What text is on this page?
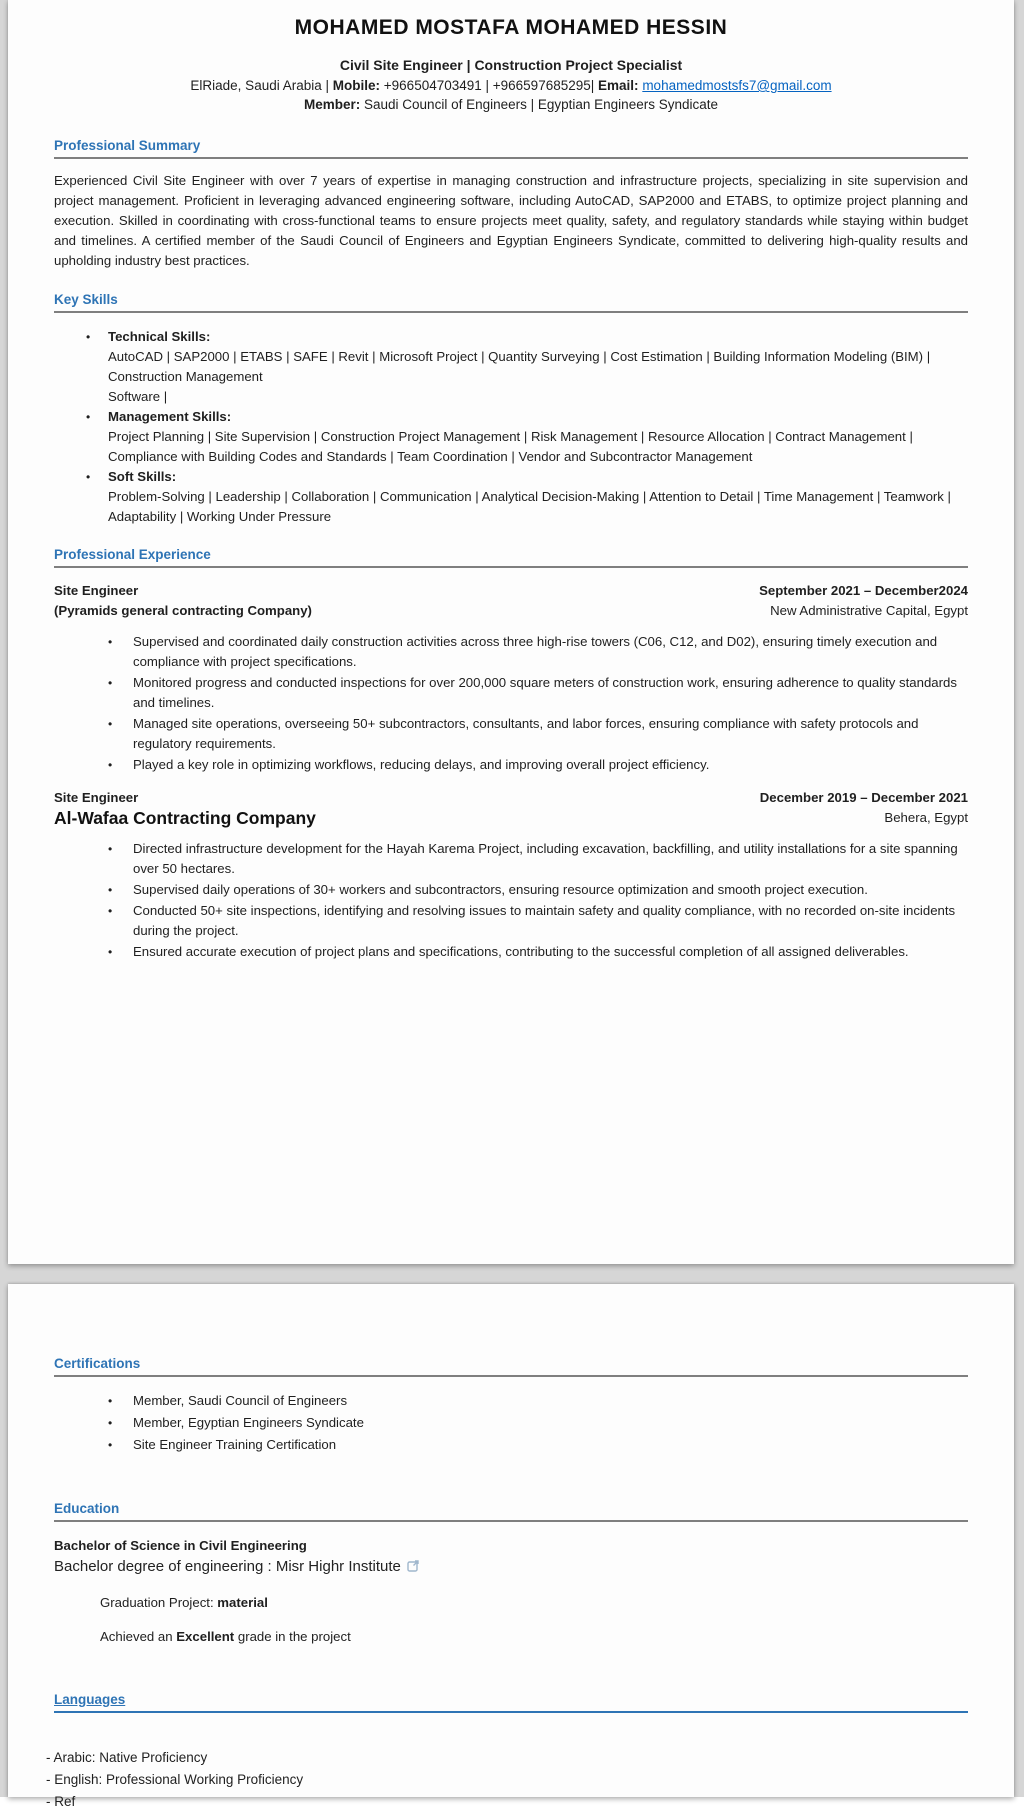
MOHAMED MOSTAFA MOHAMED HESSIN
Civil Site Engineer | Construction Project Specialist
ElRiade, Saudi Arabia | Mobile: +966504703491 | +966597685295| Email: mohamedmostsfs7@gmail.com
Member: Saudi Council of Engineers | Egyptian Engineers Syndicate
Professional Summary
Experienced Civil Site Engineer with over 7 years of expertise in managing construction and infrastructure projects, specializing in site supervision and project management. Proficient in leveraging advanced engineering software, including AutoCAD, SAP2000 and ETABS, to optimize project planning and execution. Skilled in coordinating with cross-functional teams to ensure projects meet quality, safety, and regulatory standards while staying within budget and timelines. A certified member of the Saudi Council of Engineers and Egyptian Engineers Syndicate, committed to delivering high-quality results and upholding industry best practices.
Key Skills
• Technical Skills:
AutoCAD | SAP2000 | ETABS | SAFE | Revit | Microsoft Project | Quantity Surveying | Cost Estimation | Building Information Modeling (BIM) | Construction Management
Software |
• Management Skills:
Project Planning | Site Supervision | Construction Project Management | Risk Management | Resource Allocation | Contract Management | Compliance with Building Codes and Standards | Team Coordination | Vendor and Subcontractor Management
• Soft Skills:
Problem-Solving | Leadership | Collaboration | Communication | Analytical Decision-Making | Attention to Detail | Time Management | Teamwork | Adaptability | Working Under Pressure
Professional Experience
Site Engineer	September 2021 – December2024
(Pyramids general contracting Company)	New Administrative Capital, Egypt
• Supervised and coordinated daily construction activities across three high-rise towers (C06, C12, and D02), ensuring timely execution and compliance with project specifications.
• Monitored progress and conducted inspections for over 200,000 square meters of construction work, ensuring adherence to quality standards and timelines.
• Managed site operations, overseeing 50+ subcontractors, consultants, and labor forces, ensuring compliance with safety protocols and regulatory requirements.
• Played a key role in optimizing workflows, reducing delays, and improving overall project efficiency.
Site Engineer	December 2019 – December 2021
Al-Wafaa Contracting Company	Behera, Egypt
• Directed infrastructure development for the Hayah Karema Project, including excavation, backfilling, and utility installations for a site spanning over 50 hectares.
• Supervised daily operations of 30+ workers and subcontractors, ensuring resource optimization and smooth project execution.
• Conducted 50+ site inspections, identifying and resolving issues to maintain safety and quality compliance, with no recorded on-site incidents during the project.
• Ensured accurate execution of project plans and specifications, contributing to the successful completion of all assigned deliverables.
Certifications
• Member, Saudi Council of Engineers
• Member, Egyptian Engineers Syndicate
• Site Engineer Training Certification
Education
Bachelor of Science in Civil Engineering
Bachelor degree of engineering : Misr Highr Institute
Graduation Project: material
Achieved an Excellent grade in the project
Languages
- Arabic: Native Proficiency
- English: Professional Working Proficiency
- Ref
